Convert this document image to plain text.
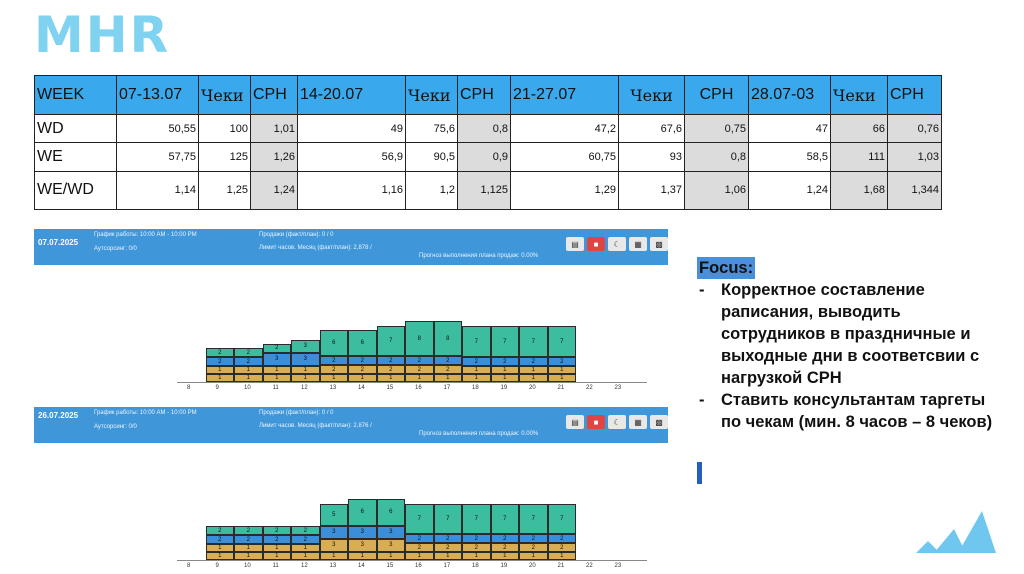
MHR
WEEK	07-13.07	Чеки	СРН	14-20.07	Чеки	СРН	21-27.07	Чеки	СРН	28.07-03	Чеки	СРН
WD	50,55	100	1,01	49	75,6	0,8	47,2	67,6	0,75	47	66	0,76
WE	57,75	125	1,26	56,9	90,5	0,9	60,75	93	0,8	58,5	111	1,03
WE/WD	1,14	1,25	1,24	1,16	1,2	1,125	1,29	1,37	1,06	1,24	1,68	1,344
07.07.2025
График работы: 10:00 AM - 10:00 PM
Аутсорсинг: 0/0
Продажи (факт/план): 0 / 0
Лимит часов. Месяц (факт/план): 2,878 /
Прогноз выполнения плана продаж: 0.00%
▤	■	☾	▦	▩
8	9
1
1
2
2
10
1
1
2
2
11
1
1
3
2
12
1
1
3
3
13
1
2
2
6
14
1
2
2
6
15
1
2
2
7
16
1
2
2
8
17
1
2
2
8
18
1
1
2
7
19
1
1
2
7
20
1
1
2
7
21
1
1
2
7
22	23
26.07.2025	График работы: 10:00 AM - 10:00 PM
Аутсорсинг: 0/0
Продажи (факт/план): 0 / 0
Лимит часов. Месяц (факт/план): 2,876 /
Прогноз выполнения плана продаж: 0.00%
▤	■	☾	▦	▩
8	9
1
1
2
2
10
1
1
2
2
11
1
1
2
2
12
1
1
2
2
13
1
3
3
5
14
1
3
3
6
15
1
3
3
6
16
1
2
2
7
17
1
2
2
7
18
1
2
2
7
19
1
2
2
7
20
1
2
2
7
21
1
2
2
7
22	23
Focus:
- Корректное составление раписания, выводить сотрудников в праздничные и выходные дни в соответсвии с нагрузкой СРН
- Ставить консультантам таргеты по чекам (мин. 8 часов – 8 чеков)
